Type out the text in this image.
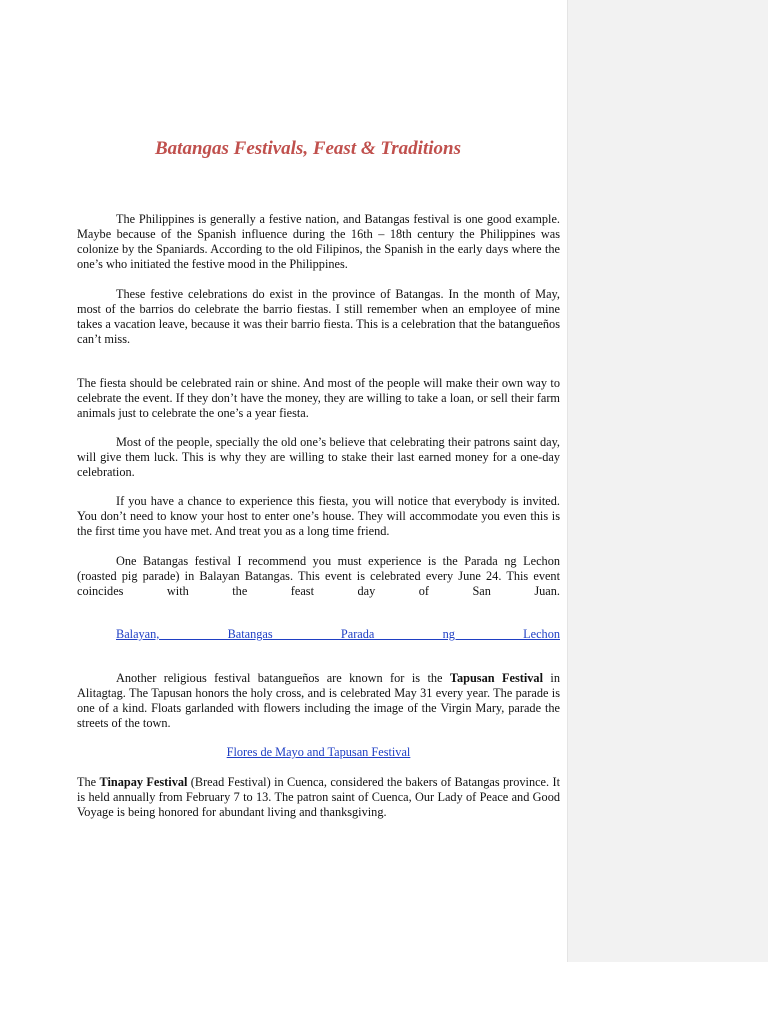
Batangas Festivals, Feast & Traditions

The Philippines is generally a festive nation, and Batangas festival is one good example. Maybe because of the Spanish influence during the 16th – 18th century the Philippines was colonize by the Spaniards. According to the old Filipinos, the Spanish in the early days where the one’s who initiated the festive mood in the Philippines.

These festive celebrations do exist in the province of Batangas. In the month of May, most of the barrios do celebrate the barrio fiestas. I still remember when an employee of mine takes a vacation leave, because it was their barrio fiesta. This is a celebration that the batangueños can’t miss.

The fiesta should be celebrated rain or shine. And most of the people will make their own way to celebrate the event. If they don’t have the money, they are willing to take a loan, or sell their farm animals just to celebrate the one’s a year fiesta.

Most of the people, specially the old one’s believe that celebrating their patrons saint day, will give them luck. This is why they are willing to stake their last earned money for a one-day celebration.

If you have a chance to experience this fiesta, you will notice that everybody is invited. You don’t need to know your host to enter one’s house. They will accommodate you even this is the first time you have met. And treat you as a long time friend.

One Batangas festival I recommend you must experience is the Parada ng Lechon (roasted pig parade) in Balayan Batangas. This event is celebrated every June 24. This event coincides with the feast day of San Juan.

Balayan, Batangas Parada ng Lechon

Another religious festival batangueños are known for is the Tapusan Festival in Alitagtag. The Tapusan honors the holy cross, and is celebrated May 31 every year. The parade is one of a kind. Floats garlanded with flowers including the image of the Virgin Mary, parade the streets of the town.

Flores de Mayo and Tapusan Festival

The Tinapay Festival (Bread Festival) in Cuenca, considered the bakers of Batangas province. It is held annually from February 7 to 13. The patron saint of Cuenca, Our Lady of Peace and Good Voyage is being honored for abundant living and thanksgiving.
